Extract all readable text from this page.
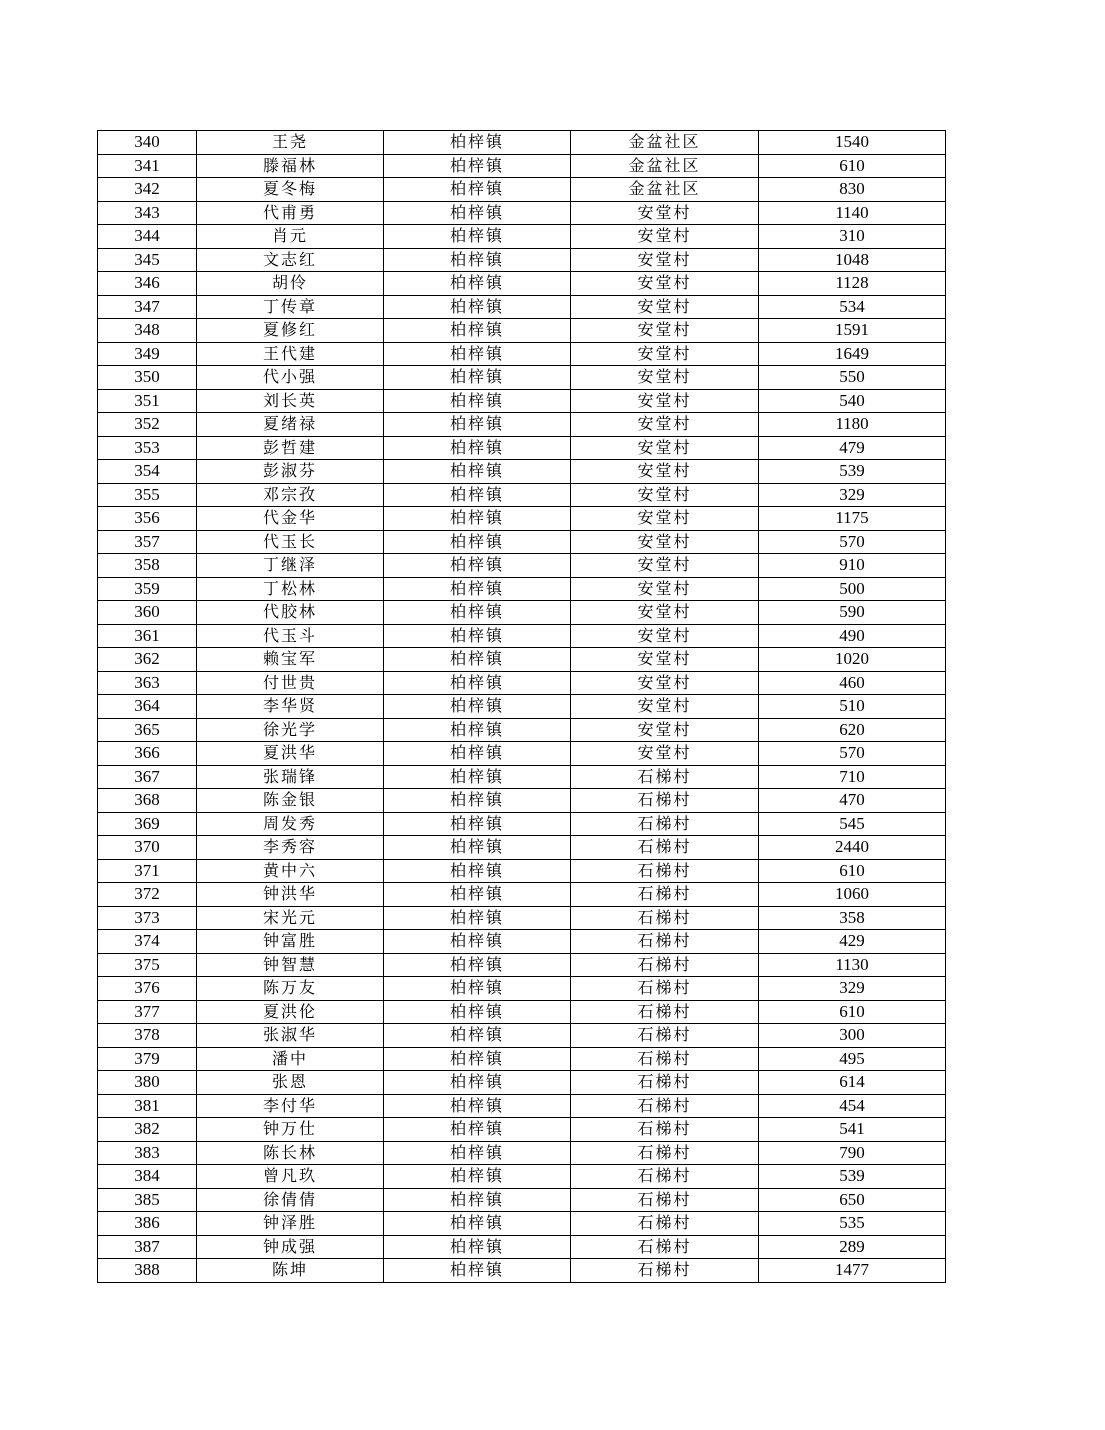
340	王尧	柏梓镇	金盆社区	1540
341	滕福林	柏梓镇	金盆社区	610
342	夏冬梅	柏梓镇	金盆社区	830
343	代甫勇	柏梓镇	安堂村	1140
344	肖元	柏梓镇	安堂村	310
345	文志红	柏梓镇	安堂村	1048
346	胡伶	柏梓镇	安堂村	1128
347	丁传章	柏梓镇	安堂村	534
348	夏修红	柏梓镇	安堂村	1591
349	王代建	柏梓镇	安堂村	1649
350	代小强	柏梓镇	安堂村	550
351	刘长英	柏梓镇	安堂村	540
352	夏绪禄	柏梓镇	安堂村	1180
353	彭哲建	柏梓镇	安堂村	479
354	彭淑芬	柏梓镇	安堂村	539
355	邓宗孜	柏梓镇	安堂村	329
356	代金华	柏梓镇	安堂村	1175
357	代玉长	柏梓镇	安堂村	570
358	丁继泽	柏梓镇	安堂村	910
359	丁松林	柏梓镇	安堂村	500
360	代胶林	柏梓镇	安堂村	590
361	代玉斗	柏梓镇	安堂村	490
362	赖宝军	柏梓镇	安堂村	1020
363	付世贵	柏梓镇	安堂村	460
364	李华贤	柏梓镇	安堂村	510
365	徐光学	柏梓镇	安堂村	620
366	夏洪华	柏梓镇	安堂村	570
367	张瑞锋	柏梓镇	石梯村	710
368	陈金银	柏梓镇	石梯村	470
369	周发秀	柏梓镇	石梯村	545
370	李秀容	柏梓镇	石梯村	2440
371	黄中六	柏梓镇	石梯村	610
372	钟洪华	柏梓镇	石梯村	1060
373	宋光元	柏梓镇	石梯村	358
374	钟富胜	柏梓镇	石梯村	429
375	钟智慧	柏梓镇	石梯村	1130
376	陈万友	柏梓镇	石梯村	329
377	夏洪伦	柏梓镇	石梯村	610
378	张淑华	柏梓镇	石梯村	300
379	潘中	柏梓镇	石梯村	495
380	张恩	柏梓镇	石梯村	614
381	李付华	柏梓镇	石梯村	454
382	钟万仕	柏梓镇	石梯村	541
383	陈长林	柏梓镇	石梯村	790
384	曾凡玖	柏梓镇	石梯村	539
385	徐倩倩	柏梓镇	石梯村	650
386	钟泽胜	柏梓镇	石梯村	535
387	钟成强	柏梓镇	石梯村	289
388	陈坤	柏梓镇	石梯村	1477
